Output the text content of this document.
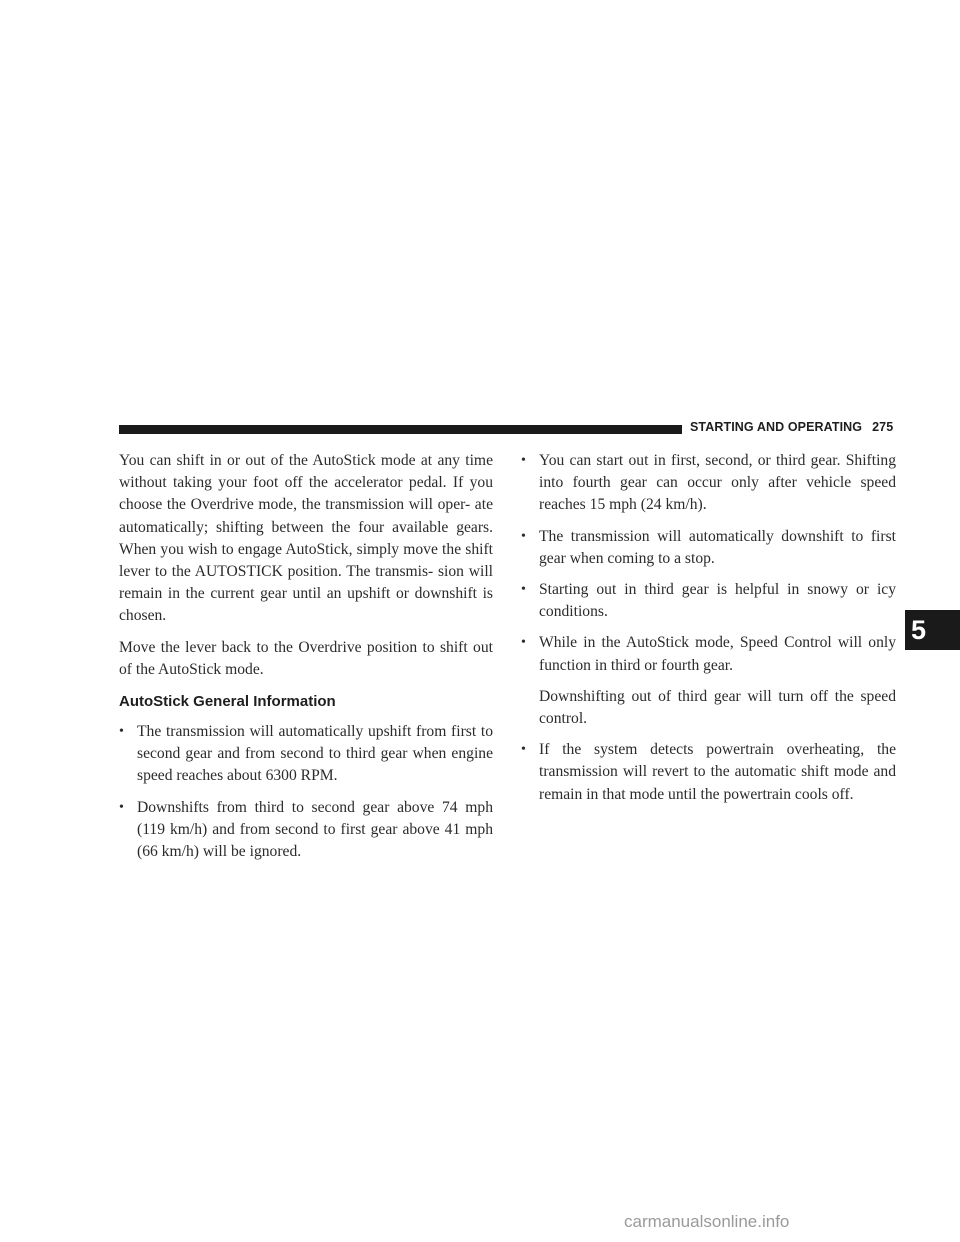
STARTING AND OPERATING 275
5

You can shift in or out of the AutoStick mode at any time without taking your foot off the accelerator pedal. If you choose the Overdrive mode, the transmission will oper- ate automatically; shifting between the four available gears. When you wish to engage AutoStick, simply move the shift lever to the AUTOSTICK position. The transmis- sion will remain in the current gear until an upshift or downshift is chosen.

Move the lever back to the Overdrive position to shift out of the AutoStick mode.

AutoStick General Information
• The transmission will automatically upshift from first to second gear and from second to third gear when engine speed reaches about 6300 RPM.
• Downshifts from third to second gear above 74 mph (119 km/h) and from second to first gear above 41 mph (66 km/h) will be ignored.
• You can start out in first, second, or third gear. Shifting into fourth gear can occur only after vehicle speed reaches 15 mph (24 km/h).
• The transmission will automatically downshift to first gear when coming to a stop.
• Starting out in third gear is helpful in snowy or icy conditions.
• While in the AutoStick mode, Speed Control will only function in third or fourth gear.

Downshifting out of third gear will turn off the speed control.

• If the system detects powertrain overheating, the transmission will revert to the automatic shift mode and remain in that mode until the powertrain cools off.
carmanualsonline.info
